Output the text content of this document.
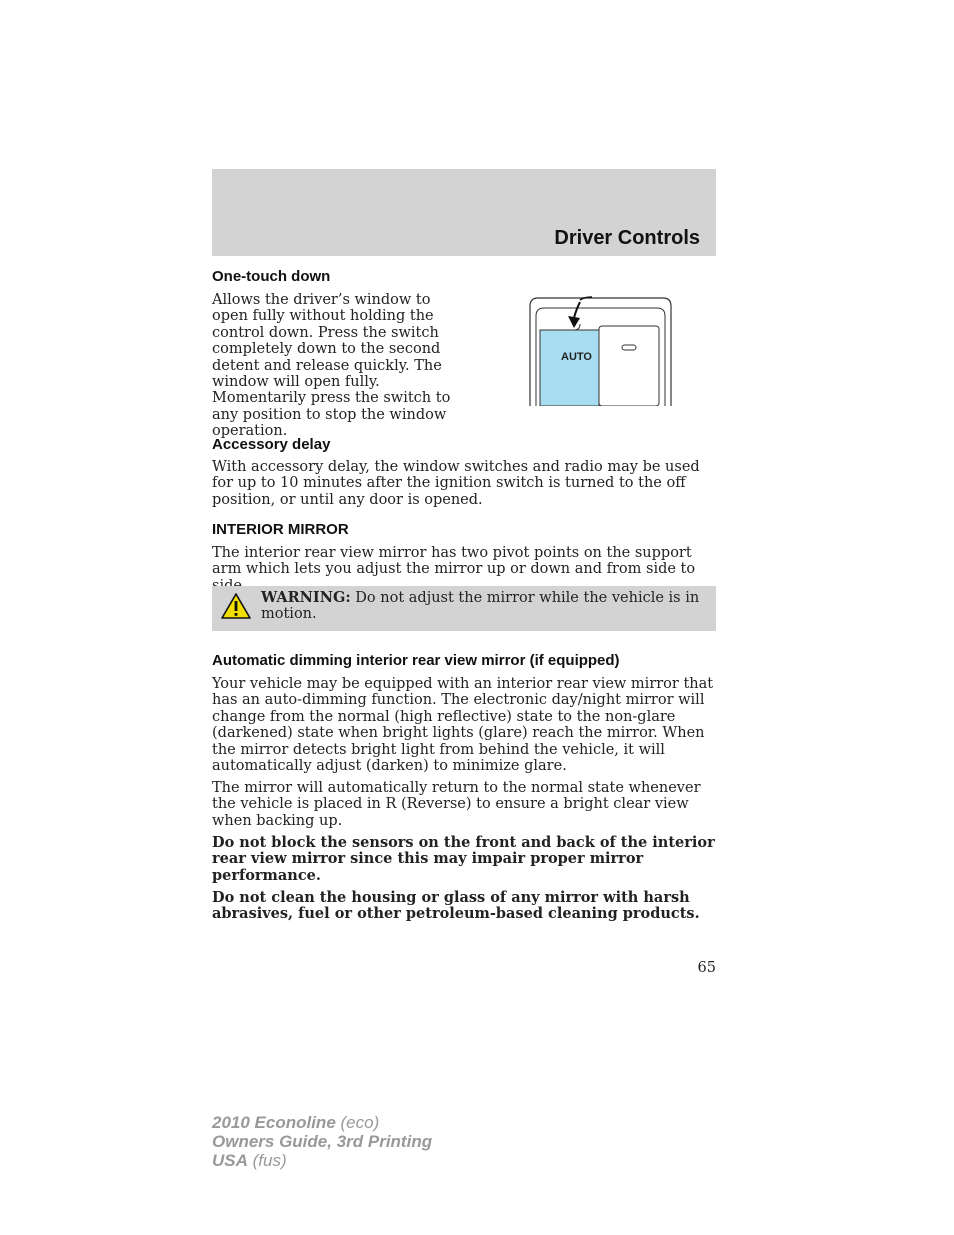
Driver Controls
One-touch down

Allows the driver’s window to open fully without holding the control down. Press the switch completely down to the second detent and release quickly. The window will open fully. Momentarily press the switch to any position to stop the window operation.

AUTO
Accessory delay

With accessory delay, the window switches and radio may be used for up to 10 minutes after the ignition switch is turned to the off position, or until any door is opened.

INTERIOR MIRROR

The interior rear view mirror has two pivot points on the support arm which lets you adjust the mirror up or down and from side to

WARNING: Do not adjust the mirror while the vehicle is in motion.
Automatic dimming interior rear view mirror (if equipped)

Your vehicle may be equipped with an interior rear view mirror that has an auto-dimming function. The electronic day/night mirror will change from the normal (high reflective) state to the non-glare (darkened) state when bright lights (glare) reach the mirror. When the mirror detects bright light from behind the vehicle, it will automatically adjust (darken) to minimize glare.

The mirror will automatically return to the normal state whenever the vehicle is placed in R (Reverse) to ensure a bright clear view when backing up.

Do not block the sensors on the front and back of the interior rear view mirror since this may impair proper mirror performance.

Do not clean the housing or glass of any mirror with harsh abrasives, fuel or other petroleum-based cleaning products.

65
2010 Econoline (eco)
Owners Guide, 3rd Printing
USA (fus)
